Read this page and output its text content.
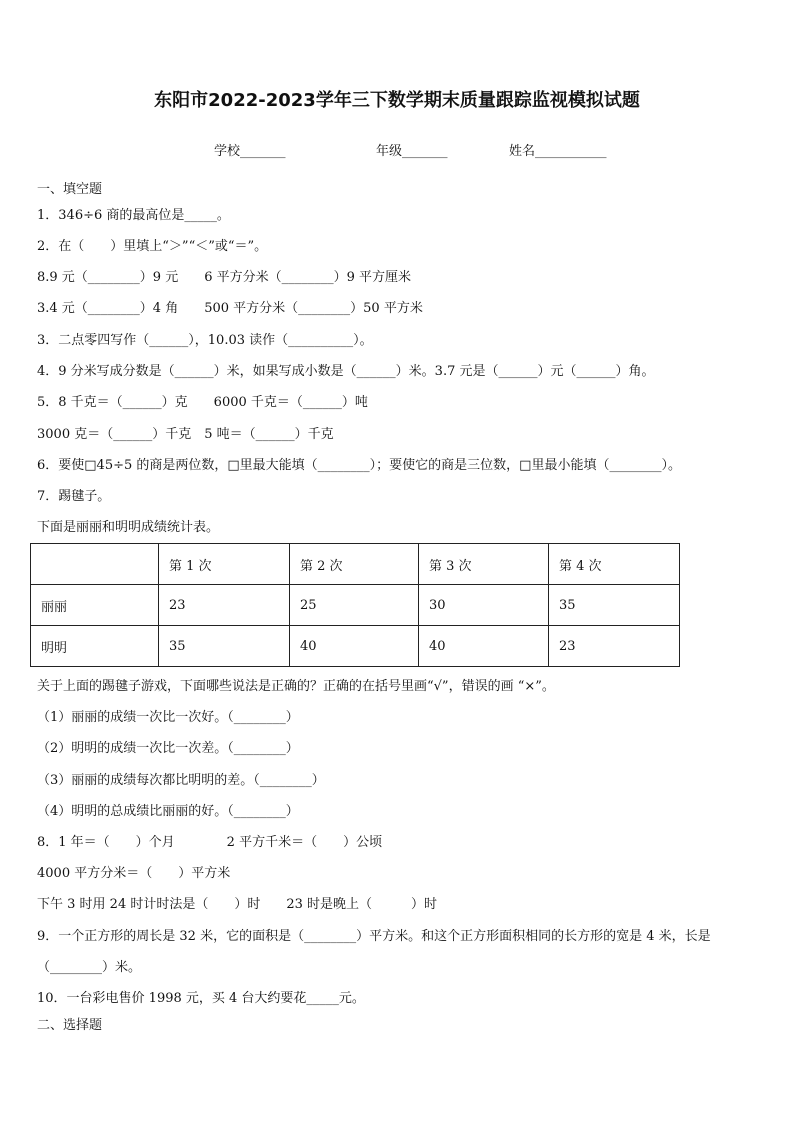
东阳市2022-2023学年三下数学期末质量跟踪监视模拟试题
学校_______	年级_______	姓名___________
一、填空题
1．346÷6 商的最高位是_____。
2．在（　　）里填上“＞”“＜”或“＝”。
8.9 元（________）9 元　　6 平方分米（________）9 平方厘米
3.4 元（________）4 角　　500 平方分米（________）50 平方米
3．二点零四写作（______），10.03 读作（__________）。
4．9 分米写成分数是（______）米，如果写成小数是（______）米。3.7 元是（______）元（______）角。
5．8 千克＝（______）克　　6000 千克＝（______）吨
3000 克＝（______）千克　5 吨＝（______）千克
6．要使□45÷5 的商是两位数，□里最大能填（________）；要使它的商是三位数，□里最小能填（________）。
7．踢毽子。
下面是丽丽和明明成绩统计表。
	第 1 次	第 2 次	第 3 次	第 4 次
丽丽	23	25	30	35
明明	35	40	40	23
关于上面的踢毽子游戏，下面哪些说法是正确的？正确的在括号里画“√”，错误的画 “×”。
（1）丽丽的成绩一次比一次好。（________）
（2）明明的成绩一次比一次差。（________）
（3）丽丽的成绩每次都比明明的差。（________）
（4）明明的总成绩比丽丽的好。（________）
8．1 年＝（　　）个月　　　　2 平方千米＝（　　）公顷
4000 平方分米＝（　　）平方米
下午 3 时用 24 时计时法是（　　）时　　23 时是晚上（　　　）时
9．一个正方形的周长是 32 米，它的面积是（________）平方米。和这个正方形面积相同的长方形的宽是 4 米，长是
（________）米。
10．一台彩电售价 1998 元，买 4 台大约要花_____元。
二、选择题
